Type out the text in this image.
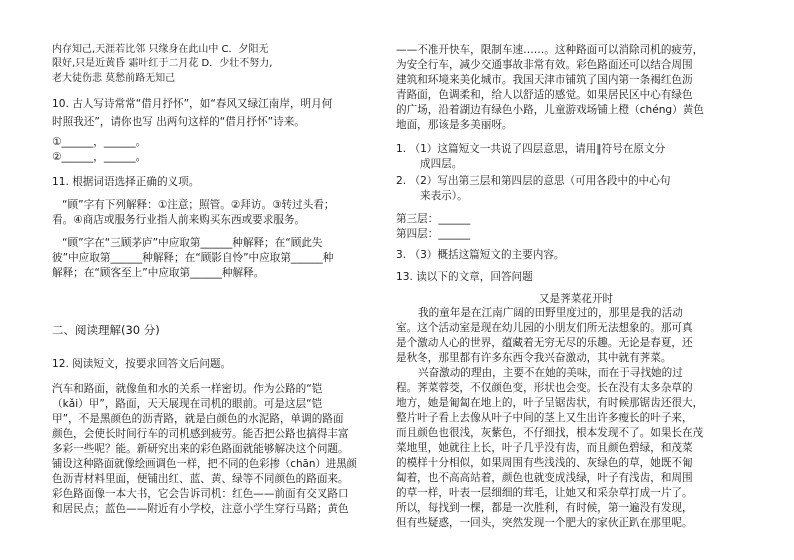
内存知己,天涯若比邻 只缘身在此山中 C．夕阳无
限好,只是近黄昏 霜叶红于二月花 D．少壮不努力,
老大徒伤悲 莫愁前路无知己
10. 古人写诗常常“借月抒怀”，如“春风又绿江南岸，明月何
时照我还”，请你也写 出两句这样的“借月抒怀”诗来。
①______，______。
②______，______。
11. 根据词语选择正确的义项。
“顾”字有下列解释：①注意；照管。②拜访。③转过头看；
看。④商店或服务行业指人前来购买东西或要求服务。
“顾”字在“三顾茅庐”中应取第______种解释；在“顾此失
彼”中应取第______种解释；在“顾影自怜”中应取第______种
解释；在“顾客至上”中应取第______种解释。
二、阅读理解(30 分)
12. 阅读短文，按要求回答文后问题。
汽车和路面，就像鱼和水的关系一样密切。作为公路的“铠
（kǎi）甲”，路面，天天展现在司机的眼前。可是这层“铠
甲”，不是黑颜色的沥青路，就是白颜色的水泥路，单调的路面
颜色，会使长时间行车的司机感到疲劳。能否把公路也搞得丰富
多彩一些呢？能。新研究出来的彩色路面就能够解决这个问题。
铺设这种路面就像绘画调色一样，把不同的色彩掺（chān）进黑颜
色沥青材料里面，便铺出红、蓝、黄、绿等不同颜色的路面来。
彩色路面像一本大书，它会告诉司机：红色——前面有交叉路口
和居民点；蓝色——附近有小学校，注意小学生穿行马路；黄色
——不准开快车，限制车速……。这种路面可以消除司机的疲劳，
为安全行车，减少交通事故非常有效。彩色路面还可以结合周围
建筑和环境来美化城市。我国天津市铺筑了国内第一条褐红色沥
青路面，色调柔和，给人以舒适的感觉。如果居民区中心有绿色
的广场，沿着湖边有绿色小路，儿童游戏场铺上橙（chéng）黄色
地面，那该是多美丽呀。
1. （1）这篇短文一共说了四层意思，请用‖符号在原文分
成四层。
2. （2）写出第三层和第四层的意思（可用各段中的中心句
来表示）。
第三层：______
第四层：______
3. （3）概括这篇短文的主要内容。
13. 读以下的文章，回答问题
又是荠菜花开时
我的童年是在江南广阔的田野里度过的，那里是我的活动
室。这个活动室是现在幼儿园的小朋友们所无法想象的。那可真
是个激动人心的世界，蕴藏着无穷无尽的乐趣。无论是春夏，还
是秋冬，那里都有许多东西令我兴奋激动，其中就有荠菜。
兴奋激动的理由，主要不在她的美味，而在于寻找她的过
程。荠菜蓉茭，不仅颜色变，形状也会变。长在没有太多杂草的
地方，她是匍匐在地上的，叶子呈锯齿状，有时候那锯齿还很大，
整片叶子看上去像从叶子中间的茎上又生出许多瘦长的叶子来，
而且颜色也很浅，灰紫色，不仔细找，根本发现不了。如果长在茂
菜地里，她就往上长，叶子几乎没有齿，而且颜色碧绿，和茂菜
的模样十分相似，如果周围有些浅浅的、灰绿色的草，她既不匍
匐着，也不高高站着，颜色也就变成浅绿，叶子有浅齿，和周围
的草一样，叶表一层细细的茸毛，让她又和采杂草打成一片了。
所以，每找到一棵，都是一次胜利，有时候，第一遍没有发现，
但有些疑惑，一回头，突然发现一个肥大的家伙正趴在那里呢。
